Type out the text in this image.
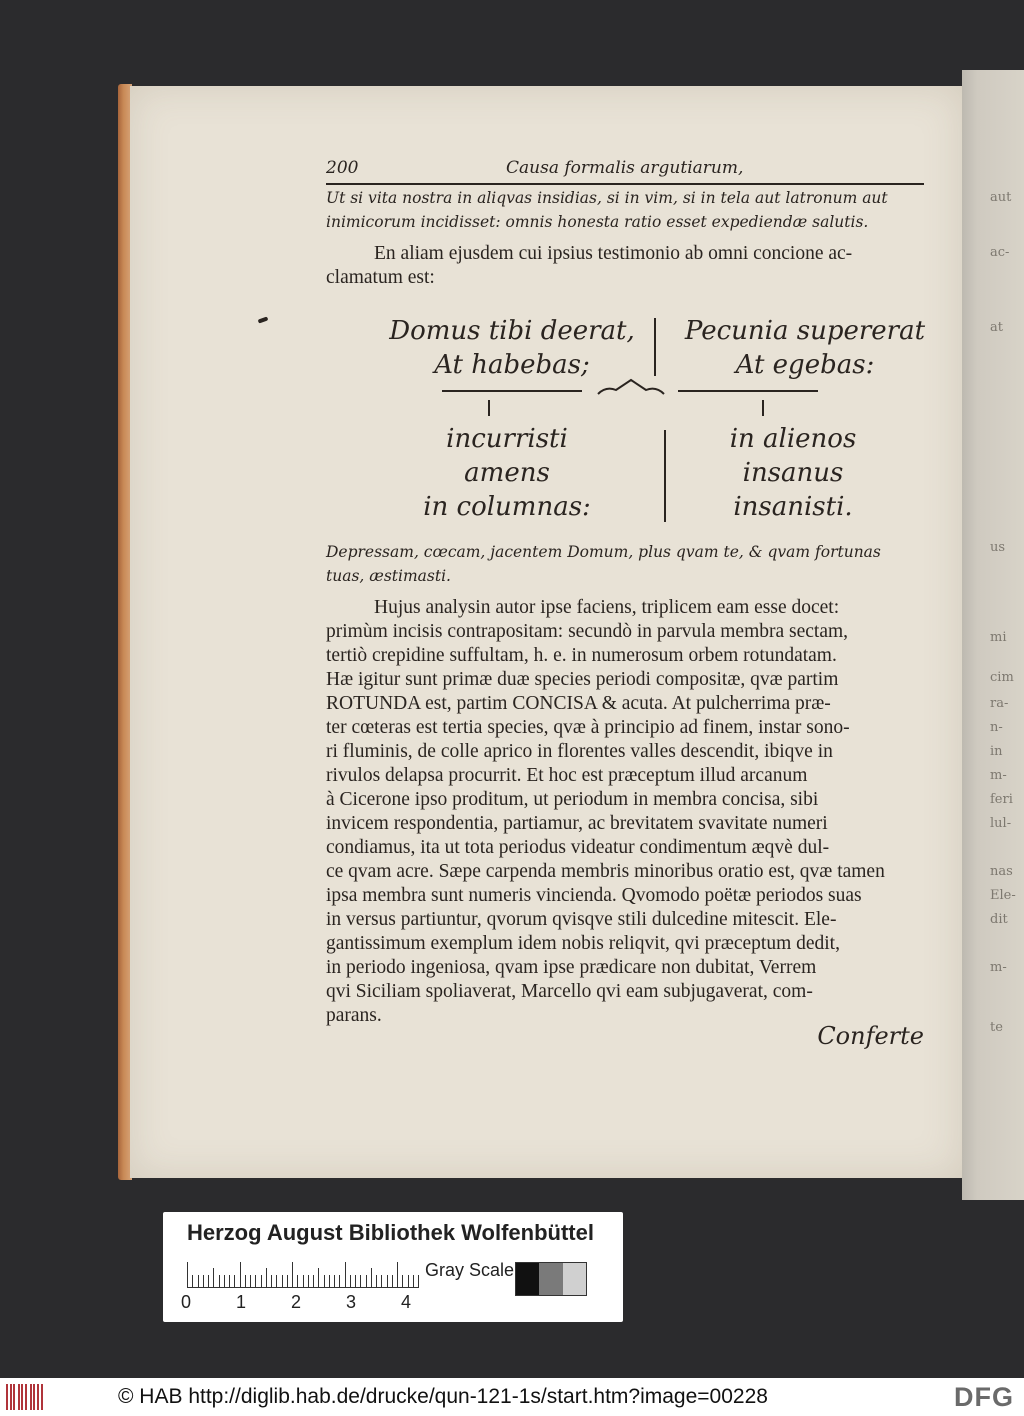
aut
ac-
at
us
mi
cim
ra-
n-
in
m-
feri
lul-
nas
Ele-
dit
m-
te
200	Causa formalis argutiarum,
Ut si vita nostra in aliqvas insidias, si in vim, si in tela aut latronum aut
inimicorum incidisset: omnis honesta ratio esset expediendæ salutis.
En aliam ejusdem cui ipsius testimonio ab omni concione ac-
clamatum est:
Domus tibi deerat,
At habebas;
Pecunia supererat
At egebas:
incurristi
amens
in columnas:
in alienos
insanus
insanisti.
Depressam, cœcam, jacentem Domum, plus qvam te, & qvam fortunas
tuas, æstimasti.
Hujus analysin autor ipse faciens, triplicem eam esse docet:
primùm incisis contrapositam: secundò in parvula membra sectam,
tertiò crepidine suffultam, h. e. in numerosum orbem rotundatam.
Hæ igitur sunt primæ duæ species periodi compositæ, qvæ partim
ROTUNDA est, partim CONCISA & acuta. At pulcherrima præ-
ter cœteras est tertia species, qvæ à principio ad finem, instar sono-
ri fluminis, de colle aprico in florentes valles descendit, ibiqve in
rivulos delapsa procurrit. Et hoc est præceptum illud arcanum
à Cicerone ipso proditum, ut periodum in membra concisa, sibi
invicem respondentia, partiamur, ac brevitatem svavitate numeri
condiamus, ita ut tota periodus videatur condimentum æqvè dul-
ce qvam acre. Sæpe carpenda membris minoribus oratio est, qvæ tamen
ipsa membra sunt numeris vincienda. Qvomodo poëtæ periodos suas
in versus partiuntur, qvorum qvisqve stili dulcedine mitescit. Ele-
gantissimum exemplum idem nobis reliqvit, qvi præceptum dedit,
in periodo ingeniosa, qvam ipse prædicare non dubitat, Verrem
qvi Siciliam spoliaverat, Marcello qvi eam subjugaverat, com-
parans.
Conferte
Herzog August Bibliothek Wolfenbüttel
0 1 2 3 4
Gray Scale
© HAB http://diglib.hab.de/drucke/qun-121-1s/start.htm?image=00228	DFG
